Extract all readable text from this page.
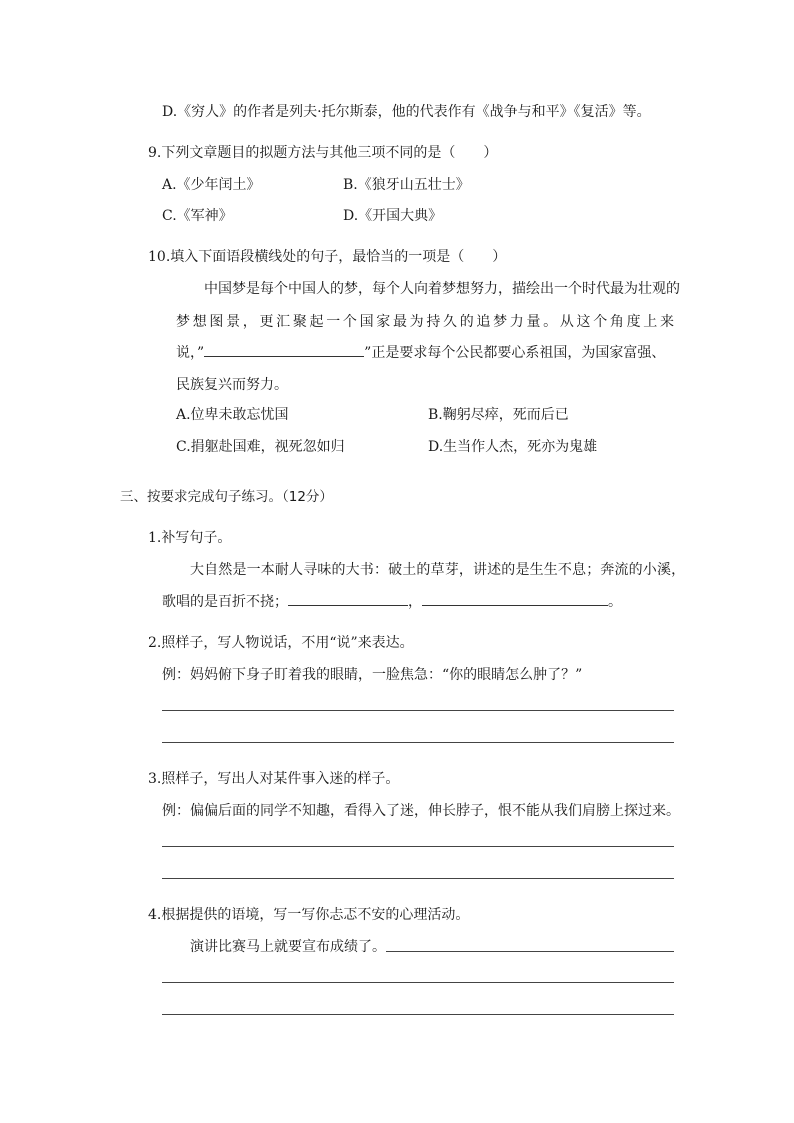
D.《穷人》的作者是列夫·托尔斯泰，他的代表作有《战争与和平》《复活》等。
9.下列文章题目的拟题方法与其他三项不同的是（　　）
A.《少年闰土》	B.《狼牙山五壮士》
C.《军神》	D.《开国大典》
10.填入下面语段横线处的句子，最恰当的一项是（　　）
中国梦是每个中国人的梦，每个人向着梦想努力，描绘出一个时代最为壮观的
梦想图景，更汇聚起一个国家最为持久的追梦力量。从这个角度上来
说，”	”正是要求每个公民都要心系祖国，为国家富强、
民族复兴而努力。
A.位卑未敢忘忧国	B.鞠躬尽瘁，死而后已
C.捐躯赴国难，视死忽如归	D.生当作人杰，死亦为鬼雄
三、按要求完成句子练习。（12分）
1.补写句子。
大自然是一本耐人寻味的大书：破土的草芽，讲述的是生生不息；奔流的小溪，
歌唱的是百折不挠；	，	。
2.照样子，写人物说话，不用“说”来表达。
例：妈妈俯下身子盯着我的眼睛，一脸焦急：“你的眼睛怎么肿了？”
3.照样子，写出人对某件事入迷的样子。
例：偏偏后面的同学不知趣，看得入了迷，伸长脖子，恨不能从我们肩膀上探过来。
4.根据提供的语境，写一写你忐忑不安的心理活动。
演讲比赛马上就要宣布成绩了。
